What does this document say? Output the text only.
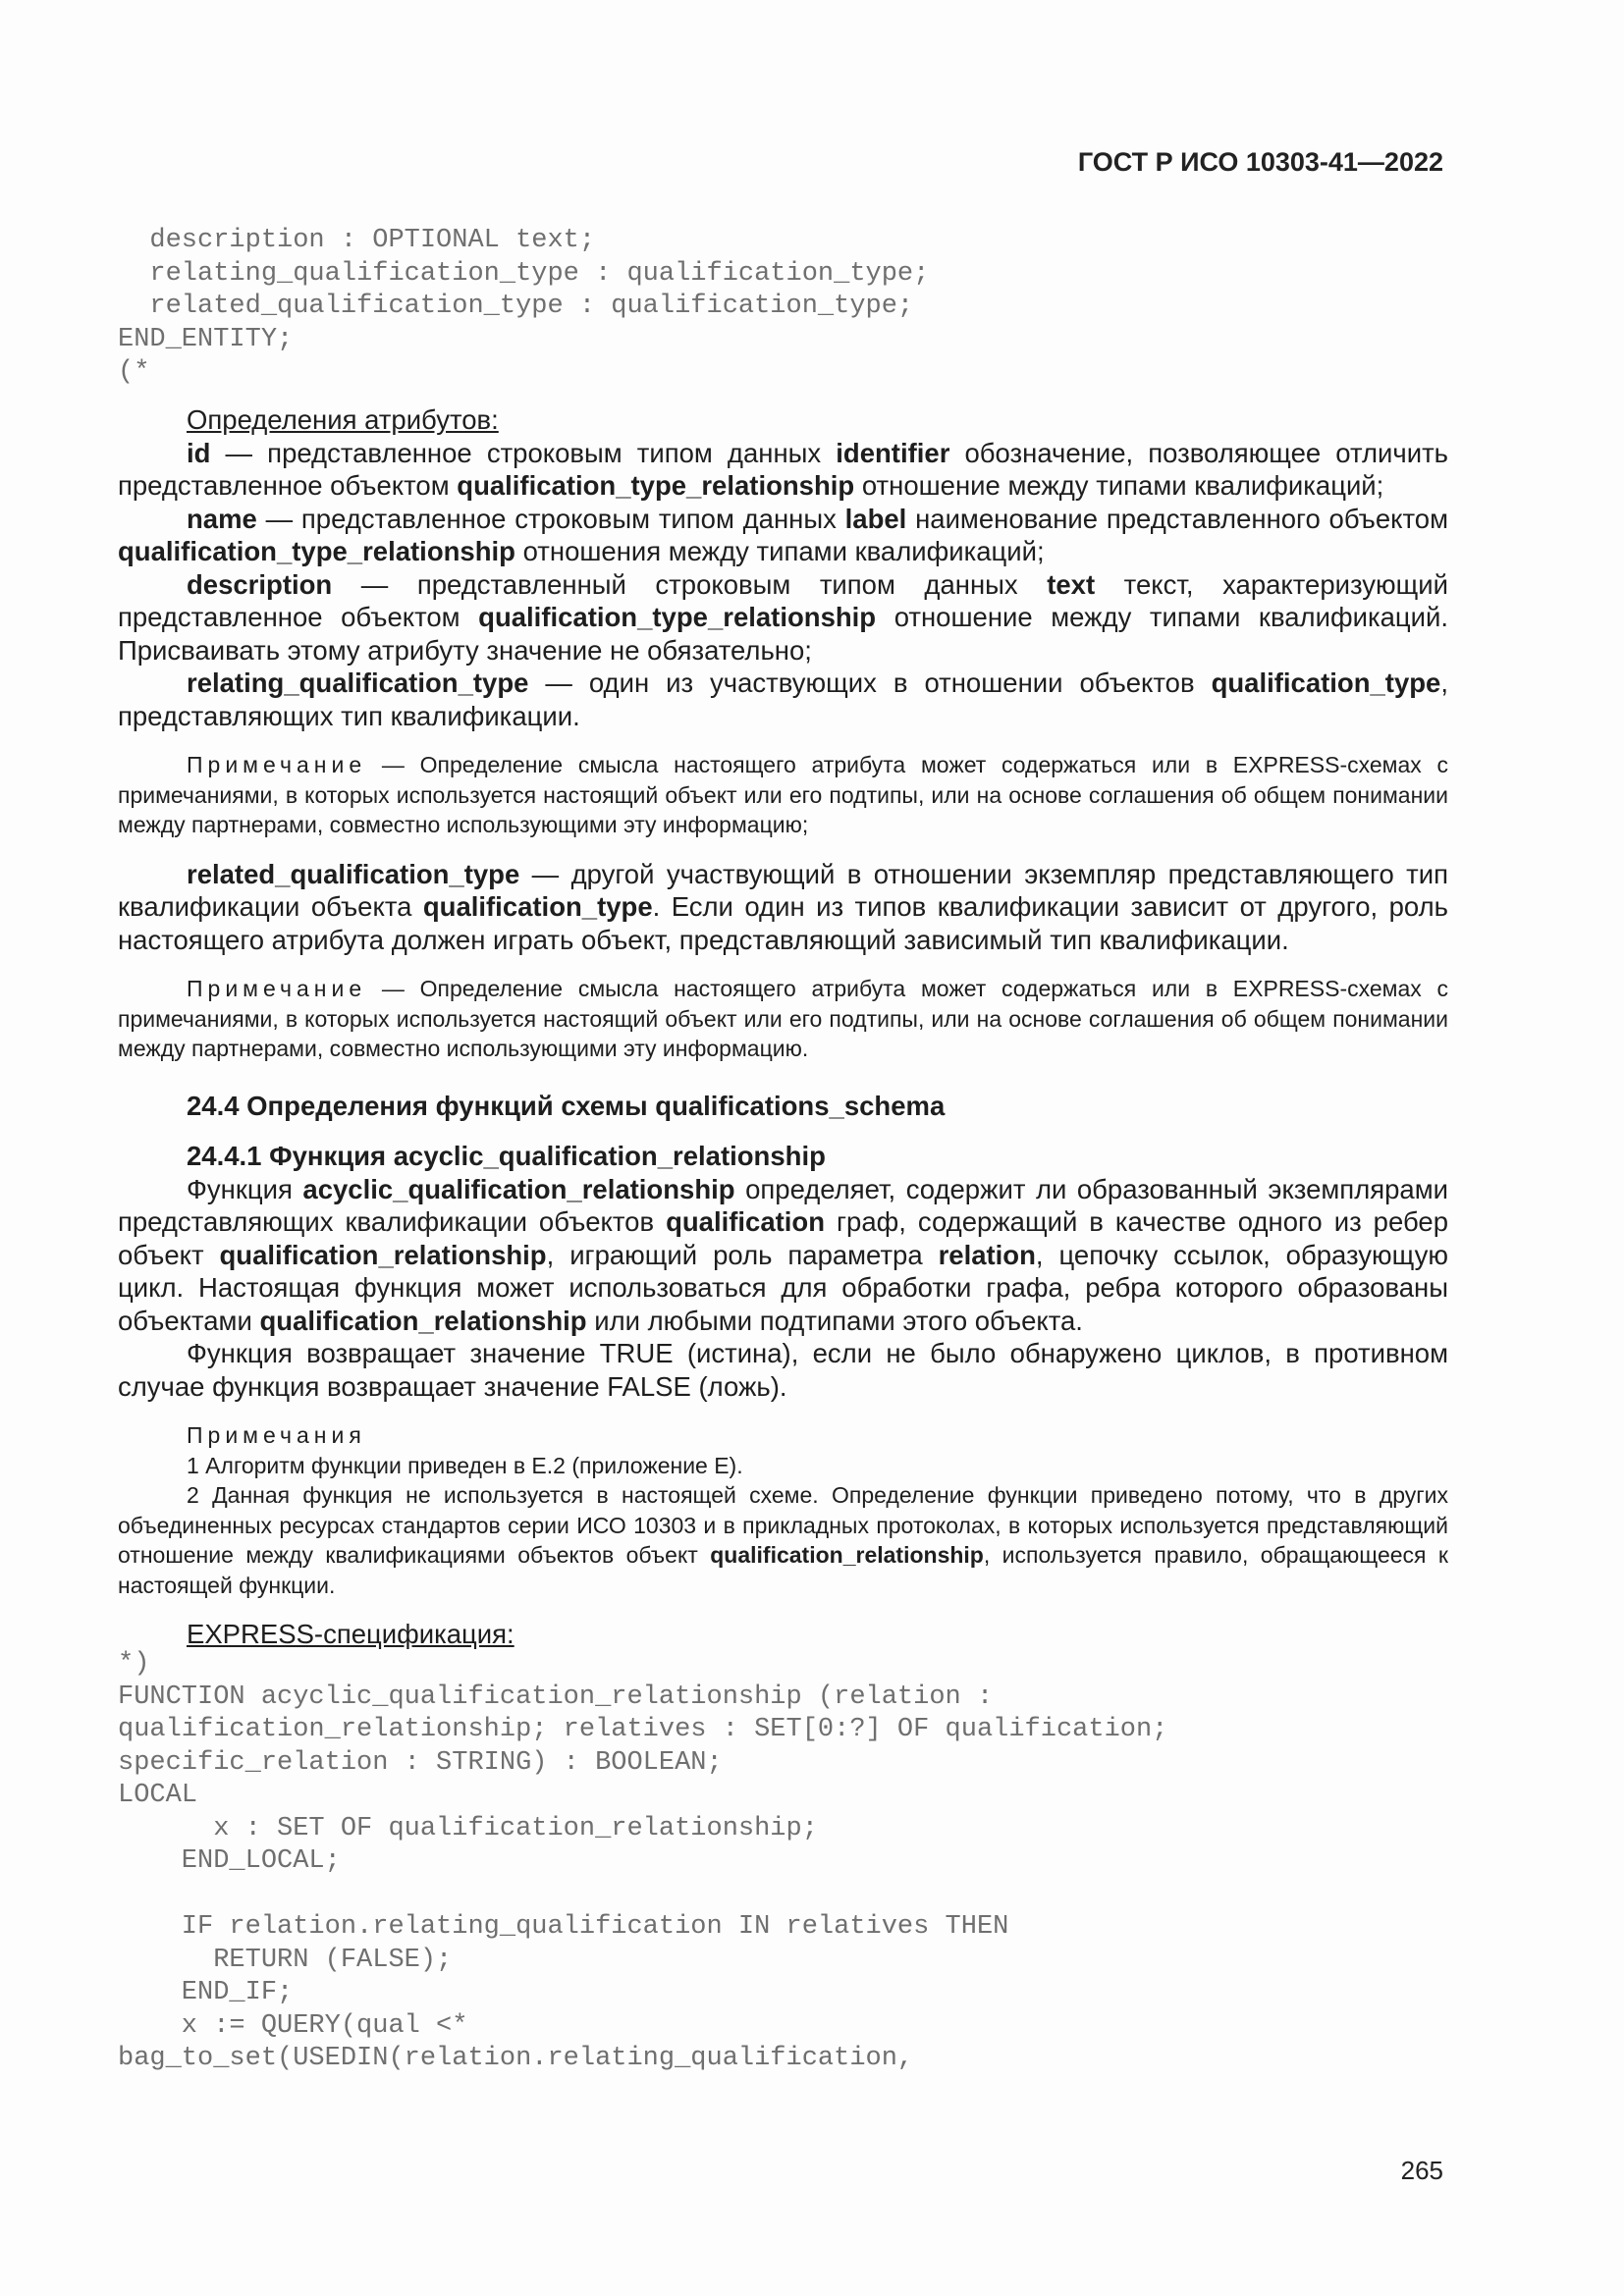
ГОСТ Р ИСО 10303-41—2022
description : OPTIONAL text;
relating_qualification_type : qualification_type;
related_qualification_type : qualification_type;
END_ENTITY;
(*

Определения атрибутов:

id — представленное строковым типом данных identifier обозначение, позволяющее отличить представленное объектом qualification_type_relationship отношение между типами квалификаций;

name — представленное строковым типом данных label наименование представленного объектом qualification_type_relationship отношения между типами квалификаций;

description — представленный строковым типом данных text текст, характеризующий представленное объектом qualification_type_relationship отношение между типами квалификаций. Присваивать этому атрибуту значение не обязательно;

relating_qualification_type — один из участвующих в отношении объектов qualification_type, представляющих тип квалификации.

Примечание — Определение смысла настоящего атрибута может содержаться или в EXPRESS-схемах с примечаниями, в которых используется настоящий объект или его подтипы, или на основе соглашения об общем понимании между партнерами, совместно использующими эту информацию;

related_qualification_type — другой участвующий в отношении экземпляр представляющего тип квалификации объекта qualification_type. Если один из типов квалификации зависит от другого, роль настоящего атрибута должен играть объект, представляющий зависимый тип квалификации.

Примечание — Определение смысла настоящего атрибута может содержаться или в EXPRESS-схемах с примечаниями, в которых используется настоящий объект или его подтипы, или на основе соглашения об общем понимании между партнерами, совместно использующими эту информацию.

24.4 Определения функций схемы qualifications_schema

24.4.1 Функция acyclic_qualification_relationship

Функция acyclic_qualification_relationship определяет, содержит ли образованный экземплярами представляющих квалификации объектов qualification граф, содержащий в качестве одного из ребер объект qualification_relationship, играющий роль параметра relation, цепочку ссылок, образующую цикл. Настоящая функция может использоваться для обработки графа, ребра которого образованы объектами qualification_relationship или любыми подтипами этого объекта.

Функция возвращает значение TRUE (истина), если не было обнаружено циклов, в противном случае функция возвращает значение FALSE (ложь).

Примечания

1 Алгоритм функции приведен в Е.2 (приложение Е).

2 Данная функция не используется в настоящей схеме. Определение функции приведено потому, что в других объединенных ресурсах стандартов серии ИСО 10303 и в прикладных протоколах, в которых используется представляющий отношение между квалификациями объектов объект qualification_relationship, используется правило, обращающееся к настоящей функции.

EXPRESS-спецификация:

*)
FUNCTION acyclic_qualification_relationship (relation :
qualification_relationship; relatives : SET[0:?] OF qualification;
specific_relation : STRING) : BOOLEAN;
LOCAL
x : SET OF qualification_relationship;
END_LOCAL;

IF relation.relating_qualification IN relatives THEN
RETURN (FALSE);
END_IF;
x := QUERY(qual <*
bag_to_set(USEDIN(relation.relating_qualification,
265
